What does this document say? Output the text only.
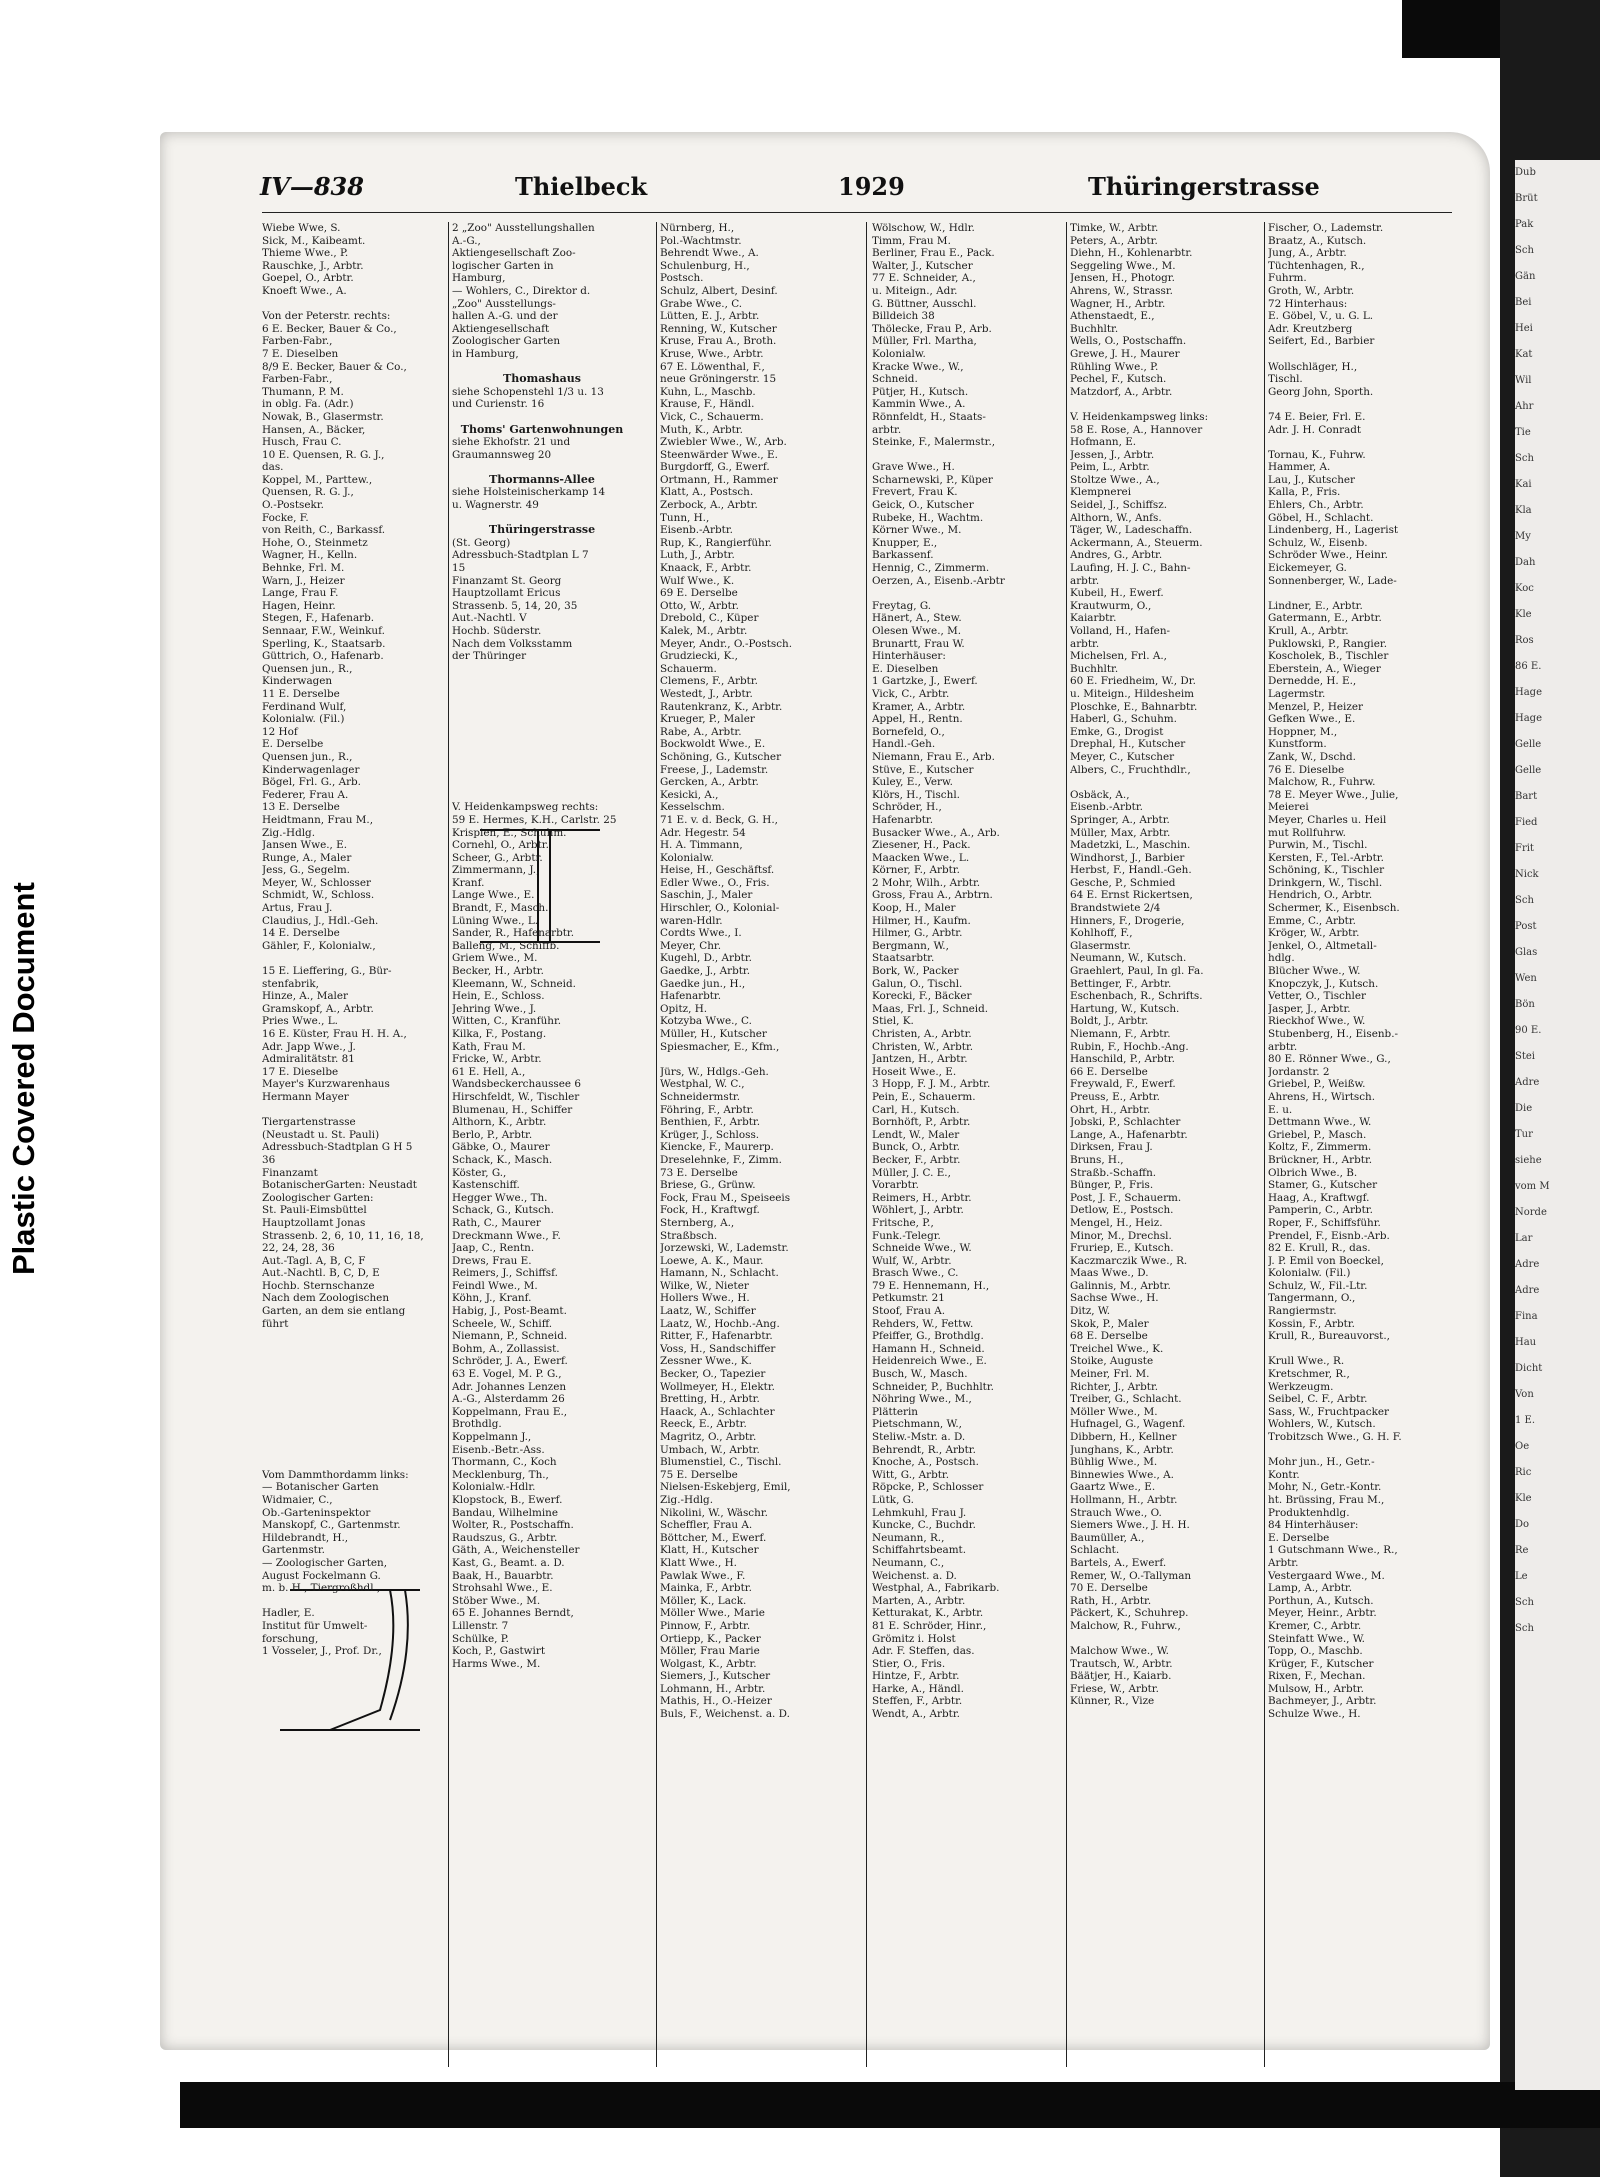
Plastic Covered Document
Dub
Brüt
Pak
Sch
Gän
Bei
Hei
Kat
Wil
Ahr
Tie
Sch
Kai
Kla
My
Dah
Koc
Kle
Ros
86 E.
Hage
Hage
Gelle
Gelle
Bart
Fied
Frit
Nick
Sch
Post
Glas
Wen
Bön
90 E.
Stei
Adre
Die
Tur
siehe
vom M
Norde
Lar
Adre
Adre
Fina
Hau
Dicht
Von
1 E.
Oe
Ric
Kle
Do
Re
Le
Sch
Sch
IV—838	Thielbeck	1929	Thüringerstrasse
Wiebe Wwe, S.
Sick, M., Kaibeamt.
Thieme Wwe., P.
Rauschke, J., Arbtr.
Goepel, O., Arbtr.
Knoeft Wwe., A.
Von der Peterstr. rechts:
6 E. Becker, Bauer & Co.,
Farben-Fabr.,
7 E. Dieselben
8/9 E. Becker, Bauer & Co.,
Farben-Fabr.,
Thumann, P. M.
in oblg. Fa. (Adr.)
Nowak, B., Glasermstr.
Hansen, A., Bäcker,
Husch, Frau C.
10 E. Quensen, R. G. J.,
das.
Koppel, M., Parttew.,
Quensen, R. G. J.,
O.-Postsekr.
Focke, F.
von Reith, C., Barkassf.
Hohe, O., Steinmetz
Wagner, H., Kelln.
Behnke, Frl. M.
Warn, J., Heizer
Lange, Frau F.
Hagen, Heinr.
Stegen, F., Hafenarb.
Sennaar, F.W., Weinkuf.
Sperling, K., Staatsarb.
Güttrich, O., Hafenarb.
Quensen jun., R.,
Kinderwagen
11 E. Derselbe
Ferdinand Wulf,
Kolonialw. (Fil.)
12 Hof
E. Derselbe
Quensen jun., R.,
Kinderwagenlager
Bögel, Frl. G., Arb.
Federer, Frau A.
13 E. Derselbe
Heidtmann, Frau M.,
Zig.-Hdlg.
Jansen Wwe., E.
Runge, A., Maler
Jess, G., Segelm.
Meyer, W., Schlosser
Schmidt, W., Schloss.
Artus, Frau J.
Claudius, J., Hdl.-Geh.
14 E. Derselbe
Gähler, F., Kolonialw.,
15 E. Lieffering, G., Bür-
stenfabrik,
Hinze, A., Maler
Gramskopf, A., Arbtr.
Pries Wwe., L.
16 E. Küster, Frau H. H. A.,
Adr. Japp Wwe., J.
Admiralitätstr. 81
17 E. Dieselbe
Mayer's Kurzwarenhaus
Hermann Mayer
Tiergartenstrasse
(Neustadt u. St. Pauli)
Adressbuch-Stadtplan G H 5
36
Finanzamt
BotanischerGarten: Neustadt
Zoologischer Garten:
St. Pauli-Eimsbüttel
Hauptzollamt Jonas
Strassenb. 2, 6, 10, 11, 16, 18,
22, 24, 28, 36
Aut.-Tagl. A, B, C, F
Aut.-Nachtl. B, C, D, E
Hochb. Sternschanze
Nach dem Zoologischen
Garten, an dem sie entlang
führt
Vom Dammthordamm links:
— Botanischer Garten
Widmaier, C.,
Ob.-Garteninspektor
Manskopf, C., Gartenmstr.
Hildebrandt, H.,
Gartenmstr.
— Zoologischer Garten,
August Fockelmann G.
m. b. H., Tiergroßhdl.,
Hadler, E.
Institut für Umwelt-
forschung,
1 Vosseler, J., Prof. Dr.,
2 „Zoo" Ausstellungshallen
A.-G.,
Aktiengesellschaft Zoo-
logischer Garten in
Hamburg,
— Wohlers, C., Direktor d.
„Zoo" Ausstellungs-
hallen A.-G. und der
Aktiengesellschaft
Zoologischer Garten
in Hamburg,
Thomashaus
siehe Schopenstehl 1/3 u. 13
und Curienstr. 16
Thoms' Gartenwohnungen
siehe Ekhofstr. 21 und
Graumannsweg 20
Thormanns-Allee
siehe Holsteinischerkamp 14
u. Wagnerstr. 49
Thüringerstrasse
(St. Georg)
Adressbuch-Stadtplan L 7
15
Finanzamt St. Georg
Hauptzollamt Ericus
Strassenb. 5, 14, 20, 35
Aut.-Nachtl. V
Hochb. Süderstr.
Nach dem Volksstamm
der Thüringer
V. Heidenkampsweg rechts:
59 E. Hermes, K.H., Carlstr. 25
Krispien, E., Schuhm.
Cornehl, O., Arbtr.
Scheer, G., Arbtr.
Zimmermann, J.,
Kranf.
Lange Wwe., E.
Brandt, F., Masch.
Lüning Wwe., L.
Sander, R., Hafenarbtr.
Balleng, M., Schiffb.
Griem Wwe., M.
Becker, H., Arbtr.
Kleemann, W., Schneid.
Hein, E., Schloss.
Jehring Wwe., J.
Witten, C., Kranführ.
Kilka, F., Postang.
Kath, Frau M.
Fricke, W., Arbtr.
61 E. Hell, A.,
Wandsbeckerchaussee 6
Hirschfeldt, W., Tischler
Blumenau, H., Schiffer
Althorn, K., Arbtr.
Berlo, P., Arbtr.
Gäbke, O., Maurer
Schack, K., Masch.
Köster, G.,
Kastenschiff.
Hegger Wwe., Th.
Schack, G., Kutsch.
Rath, C., Maurer
Dreckmann Wwe., F.
Jaap, C., Rentn.
Drews, Frau E.
Reimers, J., Schiffsf.
Feindl Wwe., M.
Köhn, J., Kranf.
Habig, J., Post-Beamt.
Scheele, W., Schiff.
Niemann, P., Schneid.
Bohm, A., Zollassist.
Schröder, J. A., Ewerf.
63 E. Vogel, M. P. G.,
Adr. Johannes Lenzen
A.-G., Alsterdamm 26
Koppelmann, Frau E.,
Brothdlg.
Koppelmann J.,
Eisenb.-Betr.-Ass.
Thormann, C., Koch
Mecklenburg, Th.,
Kolonialw.-Hdlr.
Klopstock, B., Ewerf.
Bandau, Wilhelmine
Wolter, R., Postschaffn.
Raudszus, G., Arbtr.
Gäth, A., Weichensteller
Kast, G., Beamt. a. D.
Baak, H., Bauarbtr.
Strohsahl Wwe., E.
Stöber Wwe., M.
65 E. Johannes Berndt,
Lillenstr. 7
Schülke, P.
Koch, P., Gastwirt
Harms Wwe., M.
Nürnberg, H.,
Pol.-Wachtmstr.
Behrendt Wwe., A.
Schulenburg, H.,
Postsch.
Schulz, Albert, Desinf.
Grabe Wwe., C.
Lütten, E. J., Arbtr.
Renning, W., Kutscher
Kruse, Frau A., Broth.
Kruse, Wwe., Arbtr.
67 E. Löwenthal, F.,
neue Gröningerstr. 15
Kuhn, L., Maschb.
Krause, F., Händl.
Vick, C., Schauerm.
Muth, K., Arbtr.
Zwiebler Wwe., W., Arb.
Steenwärder Wwe., E.
Burgdorff, G., Ewerf.
Ortmann, H., Rammer
Klatt, A., Postsch.
Zerbock, A., Arbtr.
Tunn, H.,
Eisenb.-Arbtr.
Rup, K., Rangierführ.
Luth, J., Arbtr.
Knaack, F., Arbtr.
Wulf Wwe., K.
69 E. Derselbe
Otto, W., Arbtr.
Drebold, C., Küper
Kalek, M., Arbtr.
Meyer, Andr., O.-Postsch.
Grudziecki, K.,
Schauerm.
Clemens, F., Arbtr.
Westedt, J., Arbtr.
Rautenkranz, K., Arbtr.
Krueger, P., Maler
Rabe, A., Arbtr.
Bockwoldt Wwe., E.
Schöning, G., Kutscher
Freese, J., Lademstr.
Gercken, A., Arbtr.
Kesicki, A.,
Kesselschm.
71 E. v. d. Beck, G. H.,
Adr. Hegestr. 54
H. A. Timmann,
Kolonialw.
Heise, H., Geschäftsf.
Edler Wwe., O., Fris.
Saschin, J., Maler
Hirschler, O., Kolonial-
waren-Hdlr.
Cordts Wwe., I.
Meyer, Chr.
Kugehl, D., Arbtr.
Gaedke, J., Arbtr.
Gaedke jun., H.,
Hafenarbtr.
Opitz, H.
Kotzyba Wwe., C.
Müller, H., Kutscher
Spiesmacher, E., Kfm.,
Jürs, W., Hdlgs.-Geh.
Westphal, W. C.,
Schneidermstr.
Föhring, F., Arbtr.
Benthien, F., Arbtr.
Krüger, J., Schloss.
Kiencke, F., Maurerp.
Dreselehnke, F., Zimm.
73 E. Derselbe
Briese, G., Grünw.
Fock, Frau M., Speiseeis
Fock, H., Kraftwgf.
Sternberg, A.,
Straßbsch.
Jorzewski, W., Lademstr.
Loewe, A. K., Maur.
Hamann, N., Schlacht.
Wilke, W., Nieter
Hollers Wwe., H.
Laatz, W., Schiffer
Laatz, W., Hochb.-Ang.
Ritter, F., Hafenarbtr.
Voss, H., Sandschiffer
Zessner Wwe., K.
Becker, O., Tapezier
Wollmeyer, H., Elektr.
Bretting, H., Arbtr.
Haack, A., Schlachter
Reeck, E., Arbtr.
Magritz, O., Arbtr.
Umbach, W., Arbtr.
Blumenstiel, C., Tischl.
75 E. Derselbe
Nielsen-Eskebjerg, Emil,
Zig.-Hdlg.
Nikolini, W., Wäschr.
Scheffler, Frau A.
Böttcher, M., Ewerf.
Klatt, H., Kutscher
Klatt Wwe., H.
Pawlak Wwe., F.
Mainka, F., Arbtr.
Möller, K., Lack.
Möller Wwe., Marie
Pinnow, F., Arbtr.
Ortiepp, K., Packer
Möller, Frau Marie
Wolgast, K., Arbtr.
Siemers, J., Kutscher
Lohmann, H., Arbtr.
Mathis, H., O.-Heizer
Buls, F., Weichenst. a. D.
Wölschow, W., Hdlr.
Timm, Frau M.
Berliner, Frau E., Pack.
Walter, J., Kutscher
77 E. Schneider, A.,
u. Miteign., Adr.
G. Büttner, Ausschl.
Billdeich 38
Thölecke, Frau P., Arb.
Müller, Frl. Martha,
Kolonialw.
Kracke Wwe., W.,
Schneid.
Pütjer, H., Kutsch.
Kammin Wwe., A.
Rönnfeldt, H., Staats-
arbtr.
Steinke, F., Malermstr.,
Grave Wwe., H.
Scharnewski, P., Küper
Frevert, Frau K.
Geick, O., Kutscher
Rubeke, H., Wachtm.
Körner Wwe., M.
Knupper, E.,
Barkassenf.
Hennig, C., Zimmerm.
Oerzen, A., Eisenb.-Arbtr
Freytag, G.
Hänert, A., Stew.
Olesen Wwe., M.
Brunartt, Frau W.
Hinterhäuser:
E. Dieselben
1 Gartzke, J., Ewerf.
Vick, C., Arbtr.
Kramer, A., Arbtr.
Appel, H., Rentn.
Bornefeld, O.,
Handl.-Geh.
Niemann, Frau E., Arb.
Stüve, E., Kutscher
Kuley, E., Verw.
Klörs, H., Tischl.
Schröder, H.,
Hafenarbtr.
Busacker Wwe., A., Arb.
Ziesener, H., Pack.
Maacken Wwe., L.
Körner, F., Arbtr.
2 Mohr, Wilh., Arbtr.
Gross, Frau A., Arbtrn.
Koop, H., Maler
Hilmer, H., Kaufm.
Hilmer, G., Arbtr.
Bergmann, W.,
Staatsarbtr.
Bork, W., Packer
Galun, O., Tischl.
Korecki, F., Bäcker
Maas, Frl. J., Schneid.
Stiel, K.
Christen, A., Arbtr.
Christen, W., Arbtr.
Jantzen, H., Arbtr.
Hoseit Wwe., E.
3 Hopp, F. J. M., Arbtr.
Pein, E., Schauerm.
Carl, H., Kutsch.
Bornhöft, P., Arbtr.
Lendt, W., Maler
Bunck, O., Arbtr.
Becker, F., Arbtr.
Müller, J. C. E.,
Vorarbtr.
Reimers, H., Arbtr.
Wöhlert, J., Arbtr.
Fritsche, P.,
Funk.-Telegr.
Schneide Wwe., W.
Wulf, W., Arbtr.
Brasch Wwe., C.
79 E. Hennemann, H.,
Petkumstr. 21
Stoof, Frau A.
Rehders, W., Fettw.
Pfeiffer, G., Brothdlg.
Hamann H., Schneid.
Heidenreich Wwe., E.
Busch, W., Masch.
Schneider, P., Buchhltr.
Nöhring Wwe., M.,
Plätterin
Pietschmann, W.,
Steliw.-Mstr. a. D.
Behrendt, R., Arbtr.
Knoche, A., Postsch.
Witt, G., Arbtr.
Röpcke, P., Schlosser
Lütk, G.
Lehmkuhl, Frau J.
Kuncke, C., Buchdr.
Neumann, R.,
Schiffahrtsbeamt.
Neumann, C.,
Weichenst. a. D.
Westphal, A., Fabrikarb.
Marten, A., Arbtr.
Ketturakat, K., Arbtr.
81 E. Schröder, Hinr.,
Grömitz i. Holst
Adr. F. Steffen, das.
Stier, O., Fris.
Hintze, F., Arbtr.
Harke, A., Händl.
Steffen, F., Arbtr.
Wendt, A., Arbtr.
Timke, W., Arbtr.
Peters, A., Arbtr.
Diehn, H., Kohlenarbtr.
Seggeling Wwe., M.
Jensen, H., Photogr.
Ahrens, W., Strassr.
Wagner, H., Arbtr.
Athenstaedt, E.,
Buchhltr.
Wells, O., Postschaffn.
Grewe, J. H., Maurer
Rühling Wwe., P.
Pechel, F., Kutsch.
Matzdorf, A., Arbtr.
V. Heidenkampsweg links:
58 E. Rose, A., Hannover
Hofmann, E.
Jessen, J., Arbtr.
Peim, L., Arbtr.
Stoltze Wwe., A.,
Klempnerei
Seidel, J., Schiffsz.
Althorn, W., Anfs.
Täger, W., Ladeschaffn.
Ackermann, A., Steuerm.
Andres, G., Arbtr.
Laufing, H. J. C., Bahn-
arbtr.
Kubeil, H., Ewerf.
Krautwurm, O.,
Kaiarbtr.
Volland, H., Hafen-
arbtr.
Michelsen, Frl. A.,
Buchhltr.
60 E. Friedheim, W., Dr.
u. Miteign., Hildesheim
Ploschke, E., Bahnarbtr.
Haberl, G., Schuhm.
Emke, G., Drogist
Drephal, H., Kutscher
Meyer, C., Kutscher
Albers, C., Fruchthdlr.,
Osbäck, A.,
Eisenb.-Arbtr.
Springer, A., Arbtr.
Müller, Max, Arbtr.
Madetzki, L., Maschin.
Windhorst, J., Barbier
Herbst, F., Handl.-Geh.
Gesche, P., Schmied
64 E. Ernst Rickertsen,
Brandstwiete 2/4
Hinners, F., Drogerie,
Kohlhoff, F.,
Glasermstr.
Neumann, W., Kutsch.
Graehlert, Paul, In gl. Fa.
Bettinger, F., Arbtr.
Eschenbach, R., Schrifts.
Hartung, W., Kutsch.
Boldt, J., Arbtr.
Niemann, F., Arbtr.
Rubin, F., Hochb.-Ang.
Hanschild, P., Arbtr.
66 E. Derselbe
Freywald, F., Ewerf.
Preuss, E., Arbtr.
Ohrt, H., Arbtr.
Jobski, P., Schlachter
Lange, A., Hafenarbtr.
Dirksen, Frau J.
Bruns, H.,
Straßb.-Schaffn.
Bünger, P., Fris.
Post, J. F., Schauerm.
Detlow, E., Postsch.
Mengel, H., Heiz.
Minor, M., Drechsl.
Fruriep, E., Kutsch.
Kaczmarczik Wwe., R.
Maas Wwe., D.
Galinnis, M., Arbtr.
Sachse Wwe., H.
Ditz, W.
Skok, P., Maler
68 E. Derselbe
Treichel Wwe., K.
Stoike, Auguste
Meiner, Frl. M.
Richter, J., Arbtr.
Treiber, G., Schlacht.
Möller Wwe., M.
Hufnagel, G., Wagenf.
Dibbern, H., Kellner
Junghans, K., Arbtr.
Bühlig Wwe., M.
Binnewies Wwe., A.
Gaartz Wwe., E.
Hollmann, H., Arbtr.
Strauch Wwe., O.
Siemers Wwe., J. H. H.
Baumüller, A.,
Schlacht.
Bartels, A., Ewerf.
Remer, W., O.-Tallyman
70 E. Derselbe
Rath, H., Arbtr.
Päckert, K., Schuhrep.
Malchow, R., Fuhrw.,
Malchow Wwe., W.
Trautsch, W., Arbtr.
Bäätjer, H., Kaiarb.
Friese, W., Arbtr.
Künner, R., Vize
Fischer, O., Lademstr.
Braatz, A., Kutsch.
Jung, A., Arbtr.
Tüchtenhagen, R.,
Fuhrm.
Groth, W., Arbtr.
72 Hinterhaus:
E. Göbel, V., u. G. L.
Adr. Kreutzberg
Seifert, Ed., Barbier
Wollschläger, H.,
Tischl.
Georg John, Sporth.
74 E. Beier, Frl. E.
Adr. J. H. Conradt
Tornau, K., Fuhrw.
Hammer, A.
Lau, J., Kutscher
Kalla, P., Fris.
Ehlers, Ch., Arbtr.
Göbel, H., Schlacht.
Lindenberg, H., Lagerist
Schulz, W., Eisenb.
Schröder Wwe., Heinr.
Eickemeyer, G.
Sonnenberger, W., Lade-
Lindner, E., Arbtr.
Gatermann, E., Arbtr.
Krull, A., Arbtr.
Puklowski, P., Rangier.
Koscholek, B., Tischler
Eberstein, A., Wieger
Dernedde, H. E.,
Lagermstr.
Menzel, P., Heizer
Gefken Wwe., E.
Hoppner, M.,
Kunstform.
Zank, W., Dschd.
76 E. Dieselbe
Malchow, R., Fuhrw.
78 E. Meyer Wwe., Julie,
Meierei
Meyer, Charles u. Heil
mut Rollfuhrw.
Purwin, M., Tischl.
Kersten, F., Tel.-Arbtr.
Schöning, K., Tischler
Drinkgern, W., Tischl.
Hendrich, O., Arbtr.
Schermer, K., Eisenbsch.
Emme, C., Arbtr.
Kröger, W., Arbtr.
Jenkel, O., Altmetall-
hdlg.
Blücher Wwe., W.
Knopczyk, J., Kutsch.
Vetter, O., Tischler
Jasper, J., Arbtr.
Rieckhof Wwe., W.
Stubenberg, H., Eisenb.-
arbtr.
80 E. Rönner Wwe., G.,
Jordanstr. 2
Griebel, P., Weißw.
Ahrens, H., Wirtsch.
E. u.
Dettmann Wwe., W.
Griebel, P., Masch.
Koltz, F., Zimmerm.
Brückner, H., Arbtr.
Olbrich Wwe., B.
Stamer, G., Kutscher
Haag, A., Kraftwgf.
Pamperin, C., Arbtr.
Roper, F., Schiffsführ.
Prendel, F., Eisnb.-Arb.
82 E. Krull, R., das.
J. P. Emil von Boeckel,
Kolonialw. (Fil.)
Schulz, W., Fil.-Ltr.
Tangermann, O.,
Rangiermstr.
Kossin, F., Arbtr.
Krull, R., Bureauvorst.,
Krull Wwe., R.
Kretschmer, R.,
Werkzeugm.
Seibel, C. F., Arbtr.
Sass, W., Fruchtpacker
Wohlers, W., Kutsch.
Trobitzsch Wwe., G. H. F.
Mohr jun., H., Getr.-
Kontr.
Mohr, N., Getr.-Kontr.
ht. Brüssing, Frau M.,
Produktenhdlg.
84 Hinterhäuser:
E. Derselbe
1 Gutschmann Wwe., R.,
Arbtr.
Vestergaard Wwe., M.
Lamp, A., Arbtr.
Porthun, A., Kutsch.
Meyer, Heinr., Arbtr.
Kremer, C., Arbtr.
Steinfatt Wwe., W.
Topp, O., Maschb.
Krüger, F., Kutscher
Rixen, F., Mechan.
Mulsow, H., Arbtr.
Bachmeyer, J., Arbtr.
Schulze Wwe., H.
